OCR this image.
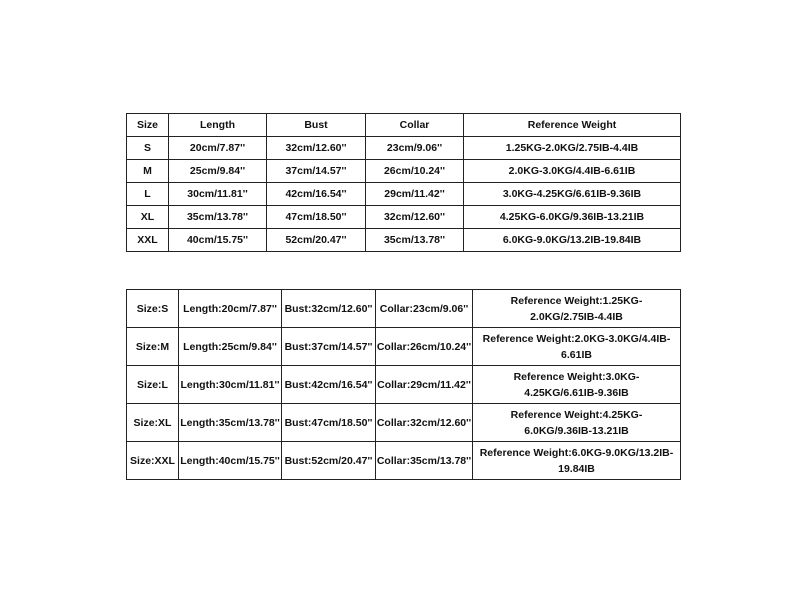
Size	Length	Bust	Collar	Reference Weight
S	20cm/7.87''	32cm/12.60''	23cm/9.06''	1.25KG-2.0KG/2.75IB-4.4IB
M	25cm/9.84''	37cm/14.57''	26cm/10.24''	2.0KG-3.0KG/4.4IB-6.61IB
L	30cm/11.81''	42cm/16.54''	29cm/11.42''	3.0KG-4.25KG/6.61IB-9.36IB
XL	35cm/13.78''	47cm/18.50''	32cm/12.60''	4.25KG-6.0KG/9.36IB-13.21IB
XXL	40cm/15.75''	52cm/20.47''	35cm/13.78''	6.0KG-9.0KG/13.2IB-19.84IB
Size:S	Length:20cm/7.87''	Bust:32cm/12.60''	Collar:23cm/9.06''	Reference Weight:1.25KG-2.0KG/2.75IB-4.4IB
Size:M	Length:25cm/9.84''	Bust:37cm/14.57''	Collar:26cm/10.24''	Reference Weight:2.0KG-3.0KG/4.4IB-6.61IB
Size:L	Length:30cm/11.81''	Bust:42cm/16.54''	Collar:29cm/11.42''	Reference Weight:3.0KG-4.25KG/6.61IB-9.36IB
Size:XL	Length:35cm/13.78''	Bust:47cm/18.50''	Collar:32cm/12.60''	Reference Weight:4.25KG-6.0KG/9.36IB-13.21IB
Size:XXL	Length:40cm/15.75''	Bust:52cm/20.47''	Collar:35cm/13.78''	Reference Weight:6.0KG-9.0KG/13.2IB-19.84IB
